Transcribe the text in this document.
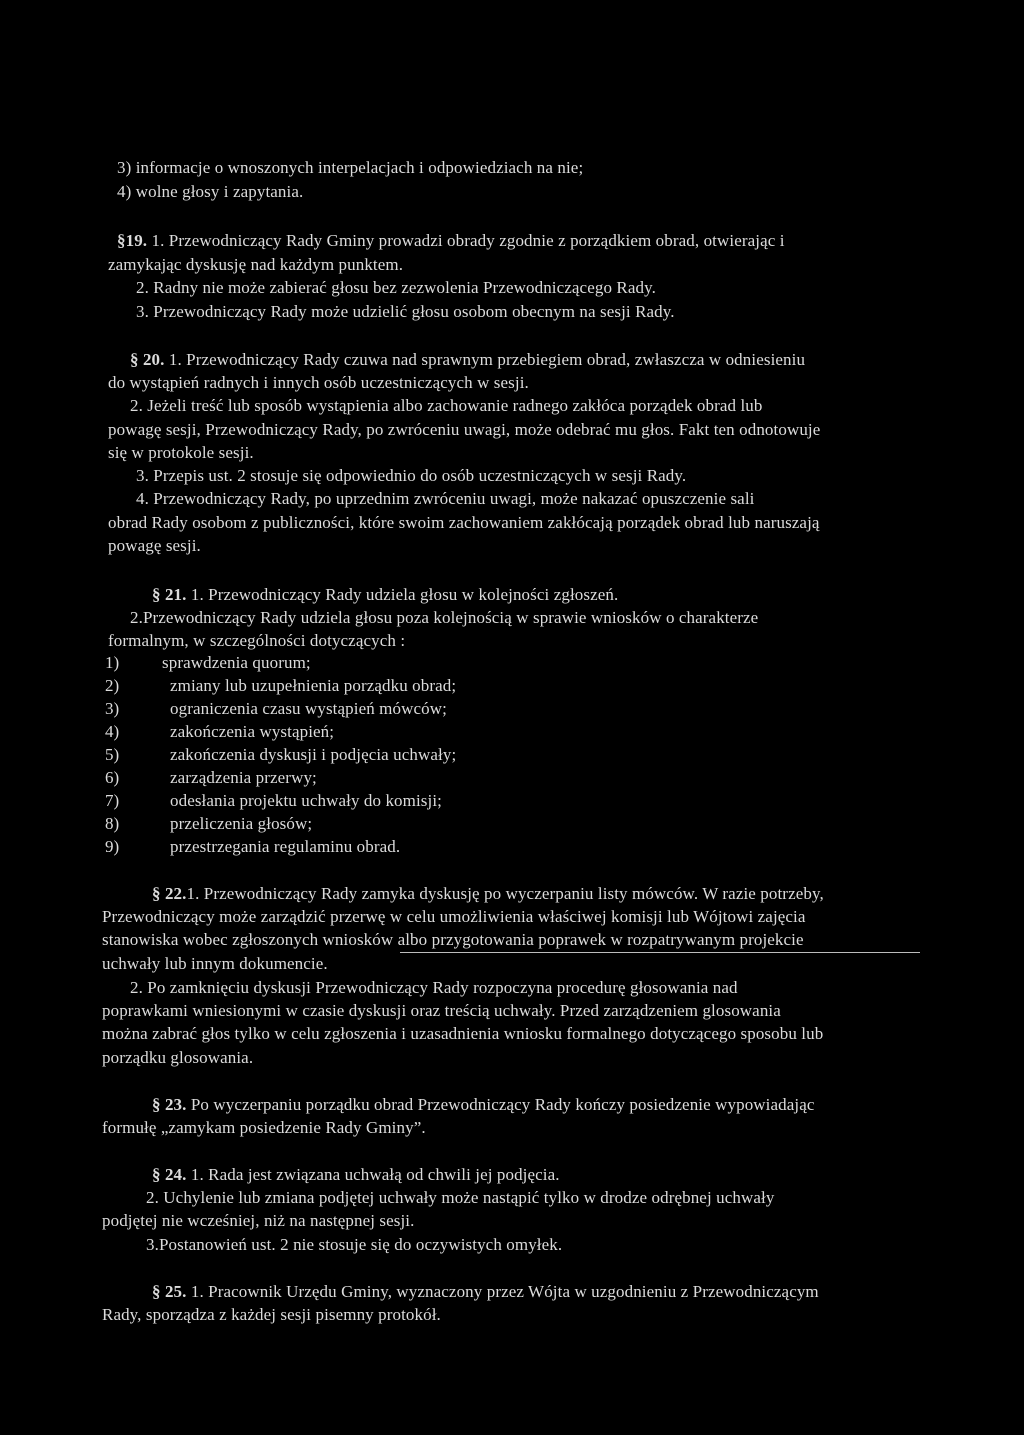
3) informacje o wnoszonych interpelacjach i odpowiedziach na nie;
4) wolne głosy i zapytania.
§19. 1. Przewodniczący Rady Gminy prowadzi obrady zgodnie z porządkiem obrad, otwierając i
zamykając dyskusję nad każdym punktem.
2. Radny nie może zabierać głosu bez zezwolenia Przewodniczącego Rady.
3. Przewodniczący Rady może udzielić głosu osobom obecnym na sesji Rady.
§ 20. 1. Przewodniczący Rady czuwa nad sprawnym przebiegiem obrad, zwłaszcza w odniesieniu
do wystąpień radnych i innych osób uczestniczących w sesji.
2. Jeżeli treść lub sposób wystąpienia albo zachowanie radnego zakłóca porządek obrad lub
powagę sesji, Przewodniczący Rady, po zwróceniu uwagi, może odebrać mu głos. Fakt ten odnotowuje
się w protokole sesji.
3. Przepis ust. 2 stosuje się odpowiednio do osób uczestniczących w sesji Rady.
4. Przewodniczący Rady, po uprzednim zwróceniu uwagi, może nakazać opuszczenie sali
obrad Rady osobom z publiczności, które swoim zachowaniem zakłócają porządek obrad lub naruszają
powagę sesji.
§ 21. 1. Przewodniczący Rady udziela głosu w kolejności zgłoszeń.
2.Przewodniczący Rady udziela głosu poza kolejnością w sprawie wniosków o charakterze
formalnym, w szczególności dotyczących :
1)	sprawdzenia quorum;
2)	zmiany lub uzupełnienia porządku obrad;
3)	ograniczenia czasu wystąpień mówców;
4)	zakończenia wystąpień;
5)	zakończenia dyskusji i podjęcia uchwały;
6)	zarządzenia przerwy;
7)	odesłania projektu uchwały do komisji;
8)	przeliczenia głosów;
9)	przestrzegania regulaminu obrad.
§ 22.1. Przewodniczący Rady zamyka dyskusję po wyczerpaniu listy mówców. W razie potrzeby,
Przewodniczący może zarządzić przerwę w celu umożliwienia właściwej komisji lub Wójtowi zajęcia
stanowiska wobec zgłoszonych wniosków albo przygotowania poprawek w rozpatrywanym projekcie
uchwały lub innym dokumencie.
2. Po zamknięciu dyskusji Przewodniczący Rady rozpoczyna procedurę głosowania nad
poprawkami wniesionymi w czasie dyskusji oraz treścią uchwały. Przed zarządzeniem glosowania
można zabrać głos tylko w celu zgłoszenia i uzasadnienia wniosku formalnego dotyczącego sposobu lub
porządku glosowania.
§ 23. Po wyczerpaniu porządku obrad Przewodniczący Rady kończy posiedzenie wypowiadając
formułę „zamykam posiedzenie Rady Gminy”.
§ 24. 1. Rada jest związana uchwałą od chwili jej podjęcia.
2. Uchylenie lub zmiana podjętej uchwały może nastąpić tylko w drodze odrębnej uchwały
podjętej nie wcześniej, niż na następnej sesji.
3.Postanowień ust. 2 nie stosuje się do oczywistych omyłek.
§ 25. 1. Pracownik Urzędu Gminy, wyznaczony przez Wójta w uzgodnieniu z Przewodniczącym
Rady, sporządza z każdej sesji pisemny protokół.
